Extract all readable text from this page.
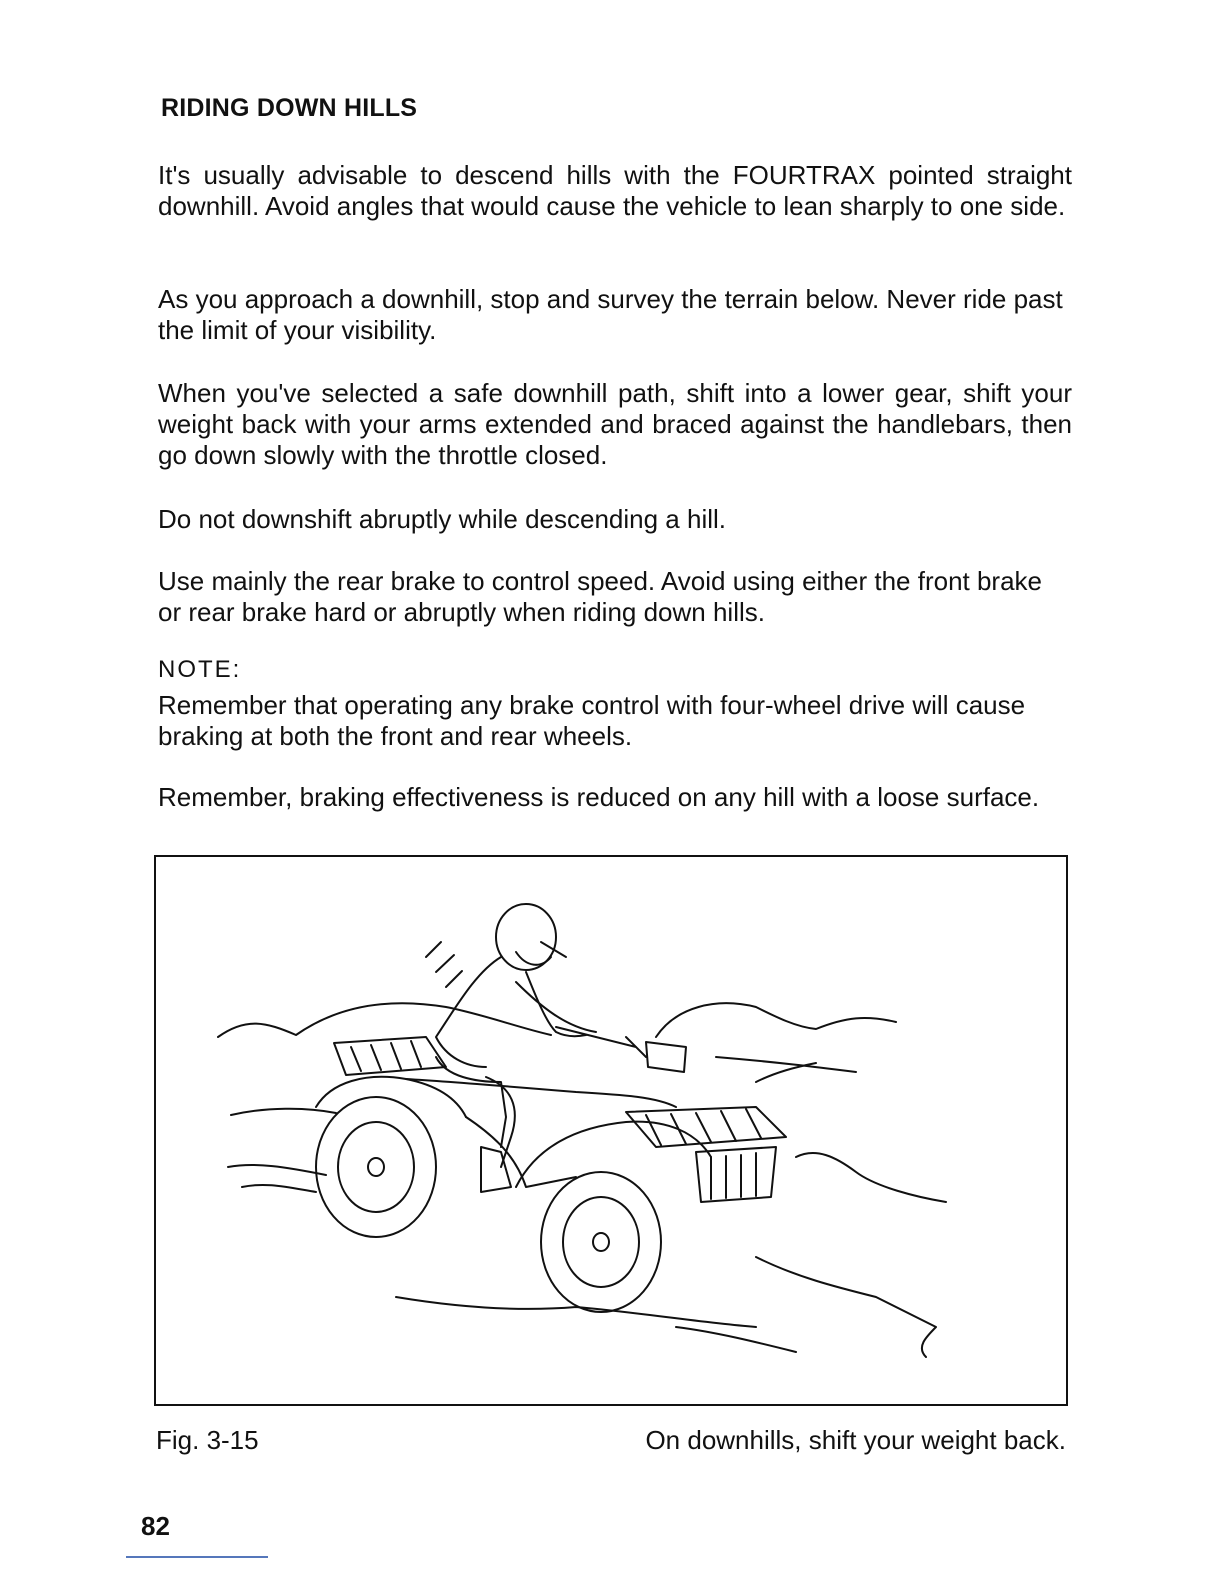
RIDING DOWN HILLS

It's usually advisable to descend hills with the FOURTRAX pointed straight downhill. Avoid angles that would cause the vehicle to lean sharply to one side.

As you approach a downhill, stop and survey the terrain below. Never ride past the limit of your visibility.

When you've selected a safe downhill path, shift into a lower gear, shift your weight back with your arms extended and braced against the handlebars, then go down slowly with the throttle closed.

Do not downshift abruptly while descending a hill.

Use mainly the rear brake to control speed. Avoid using either the front brake or rear brake hard or abruptly when riding down hills.

NOTE:

Remember that operating any brake control with four-wheel drive will cause braking at both the front and rear wheels.

Remember, braking effectiveness is reduced on any hill with a loose surface.

Fig. 3-15	On downhills, shift your weight back.
82
